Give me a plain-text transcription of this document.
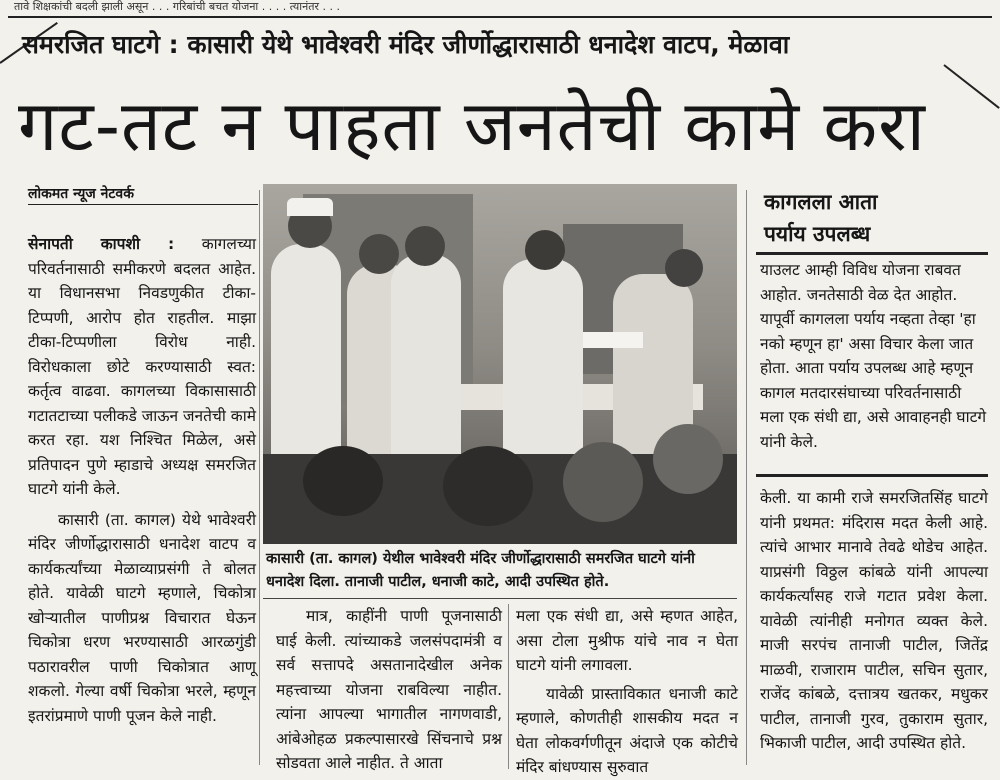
तावे शिक्षकांची बदली झाली असून . . . गरिबांची बचत योजना . . . . त्यानंतर . . .
समरजित घाटगे : कासारी येथे भावेश्वरी मंदिर जीर्णोद्धारासाठी धनादेश वाटप, मेळावा
गट-तट न पाहता जनतेची कामे करा
लोकमत न्यूज नेटवर्क

सेनापती कापशी : कागलच्या परिवर्तनासाठी समीकरणे बदलत आहेत. या विधानसभा निवडणुकीत टीका-टिप्पणी, आरोप होत राहतील. माझा टीका-टिप्पणीला विरोध नाही. विरोधकाला छोटे करण्यासाठी स्वत: कर्तृत्व वाढवा. कागलच्या विकासासाठी गटातटाच्या पलीकडे जाऊन जनतेची कामे करत रहा. यश निश्चित मिळेल, असे प्रतिपादन पुणे म्हाडाचे अध्यक्ष समरजित घाटगे यांनी केले.

कासारी (ता. कागल) येथे भावेश्वरी मंदिर जीर्णोद्धारासाठी धनादेश वाटप व कार्यकर्त्यांच्या मेळाव्याप्रसंगी ते बोलत होते. यावेळी घाटगे म्हणाले, चिकोत्रा खोऱ्यातील पाणीप्रश्न विचारात घेऊन चिकोत्रा धरण भरण्यासाठी आरळगुंडी पठारावरील पाणी चिकोत्रात आणू शकलो. गेल्या वर्षी चिकोत्रा भरले, म्हणून इतरांप्रमाणे पाणी पूजन केले नाही.

कासारी (ता. कागल) येथील भावेश्वरी मंदिर जीर्णोद्धारासाठी समरजित घाटगे यांनी धनादेश दिला. तानाजी पाटील, धनाजी काटे, आदी उपस्थित होते.

मात्र, काहींनी पाणी पूजनासाठी घाई केली. त्यांच्याकडे जलसंपदामंत्री व सर्व सत्तापदे असतानादेखील अनेक महत्त्वाच्या योजना राबविल्या नाहीत. त्यांना आपल्या भागातील नागणवाडी, आंबेओहळ प्रकल्पासारखे सिंचनाचे प्रश्न सोडवता आले नाहीत. ते आता

मला एक संधी द्या, असे म्हणत आहेत, असा टोला मुश्रीफ यांचे नाव न घेता घाटगे यांनी लगावला.

यावेळी प्रास्ताविकात धनाजी काटे म्हणाले, कोणतीही शासकीय मदत न घेता लोकवर्गणीतून अंदाजे एक कोटीचे मंदिर बांधण्यास सुरुवात

कागलला आता
पर्याय उपलब्ध
याउलट आम्ही विविध योजना राबवत आहोत. जनतेसाठी वेळ देत आहोत. यापूर्वी कागलला पर्याय नव्हता तेव्हा 'हा नको म्हणून हा' असा विचार केला जात होता. आता पर्याय उपलब्ध आहे म्हणून कागल मतदारसंघाच्या परिवर्तनासाठी मला एक संधी द्या, असे आवाहनही घाटगे यांनी केले.

केली. या कामी राजे समरजितसिंह घाटगे यांनी प्रथमत: मंदिरास मदत केली आहे. त्यांचे आभार मानावे तेवढे थोडेच आहेत. याप्रसंगी विठ्ठल कांबळे यांनी आपल्या कार्यकर्त्यांसह राजे गटात प्रवेश केला. यावेळी त्यांनीही मनोगत व्यक्त केले. माजी सरपंच तानाजी पाटील, जितेंद्र माळवी, राजाराम पाटील, सचिन सुतार, राजेंद कांबळे, दत्तात्रय खतकर, मधुकर पाटील, तानाजी गुरव, तुकाराम सुतार, भिकाजी पाटील, आदी उपस्थित होते.
